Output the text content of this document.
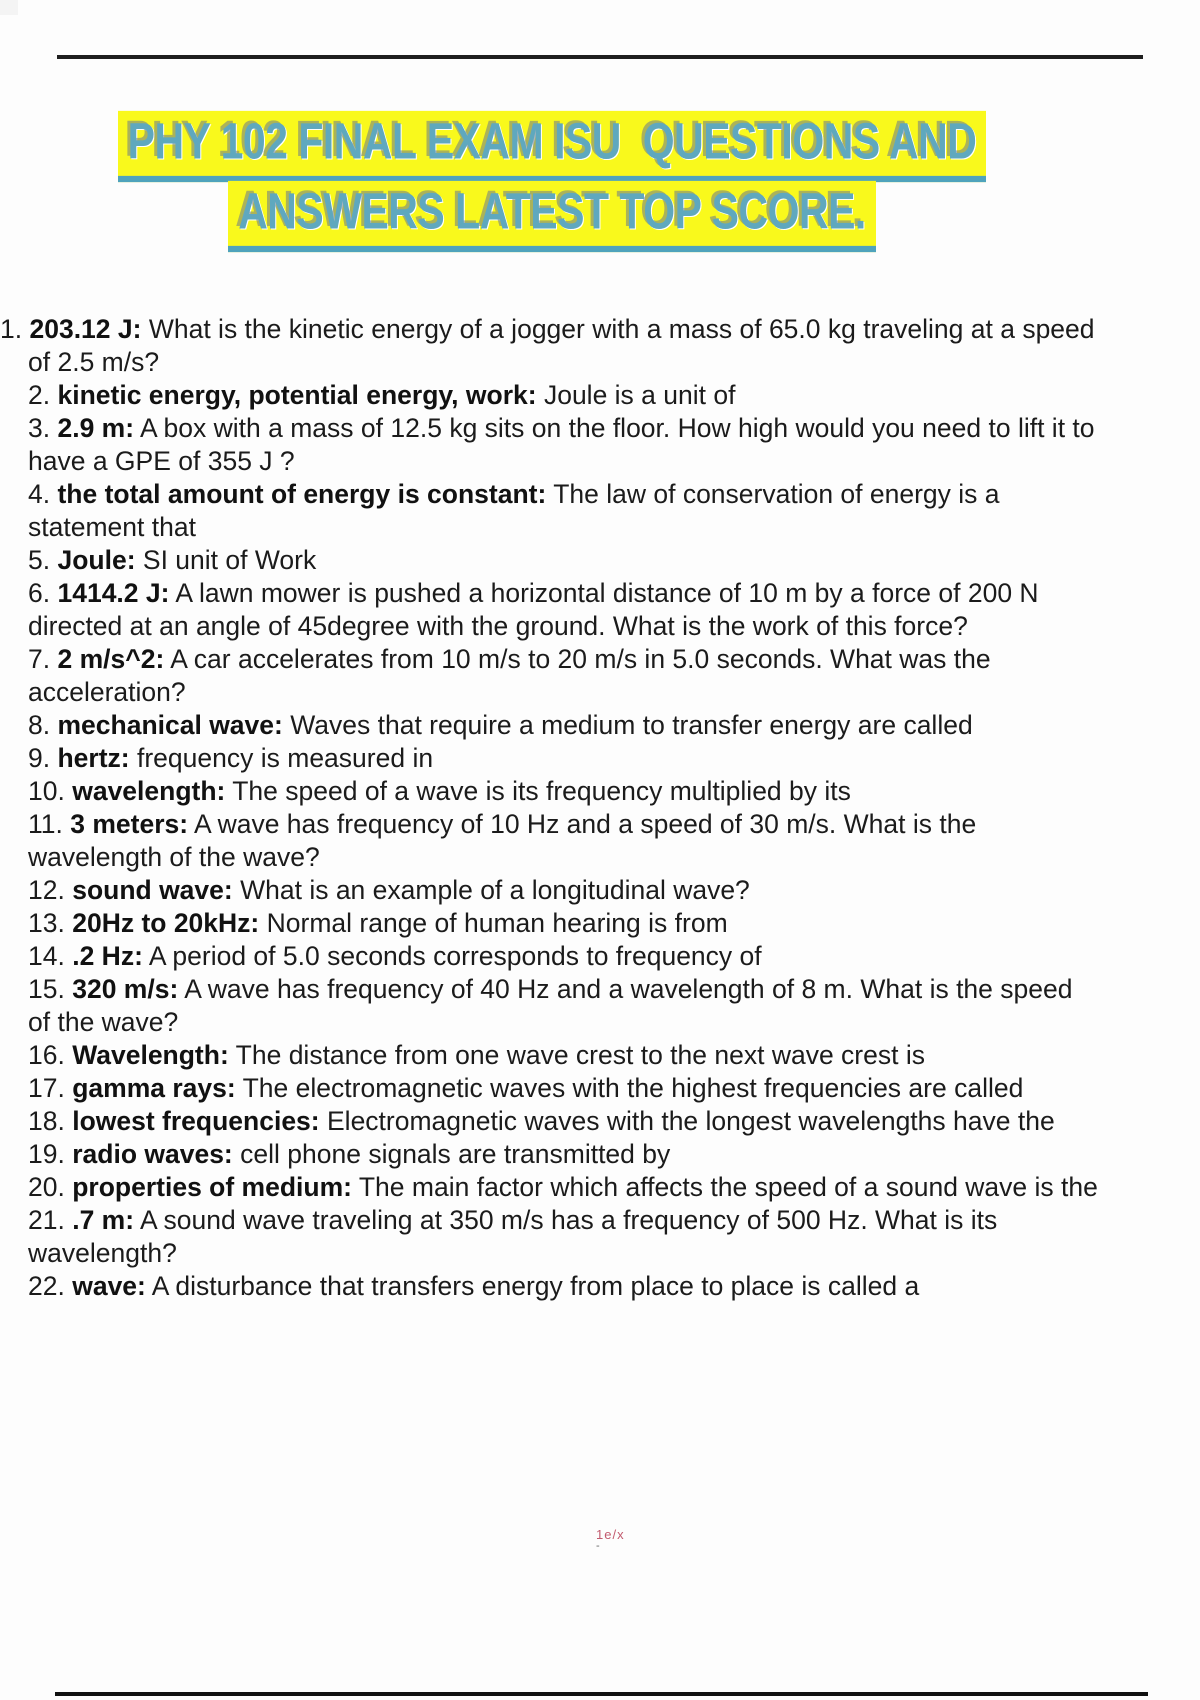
PHY 102 FINAL EXAM ISU  QUESTIONS AND
ANSWERS LATEST TOP SCORE.
1. 203.12 J: What is the kinetic energy of a jogger with a mass of 65.0 kg traveling at a speed of 2.5 m/s?
2. kinetic energy, potential energy, work: Joule is a unit of
3. 2.9 m: A box with a mass of 12.5 kg sits on the floor. How high would you need to lift it to have a GPE of 355 J ?
4. the total amount of energy is constant: The law of conservation of energy is a statement that
5. Joule: SI unit of Work
6. 1414.2 J: A lawn mower is pushed a horizontal distance of 10 m by a force of 200 N directed at an angle of 45degree with the ground. What is the work of this force?
7. 2 m/s^2: A car accelerates from 10 m/s to 20 m/s in 5.0 seconds. What was the acceleration?
8. mechanical wave: Waves that require a medium to transfer energy are called
9. hertz: frequency is measured in
10. wavelength: The speed of a wave is its frequency multiplied by its
11. 3 meters: A wave has frequency of 10 Hz and a speed of 30 m/s. What is the wavelength of the wave?
12. sound wave: What is an example of a longitudinal wave?
13. 20Hz to 20kHz: Normal range of human hearing is from
14. .2 Hz: A period of 5.0 seconds corresponds to frequency of
15. 320 m/s: A wave has frequency of 40 Hz and a wavelength of 8 m. What is the speed of the wave?
16. Wavelength: The distance from one wave crest to the next wave crest is
17. gamma rays: The electromagnetic waves with the highest frequencies are called
18. lowest frequencies: Electromagnetic waves with the longest wavelengths have the
19. radio waves: cell phone signals are transmitted by
20. properties of medium: The main factor which affects the speed of a sound wave is the
21. .7 m: A sound wave traveling at 350 m/s has a frequency of 500 Hz. What is its wavelength?
22. wave: A disturbance that transfers energy from place to place is called a
1e/x
-
